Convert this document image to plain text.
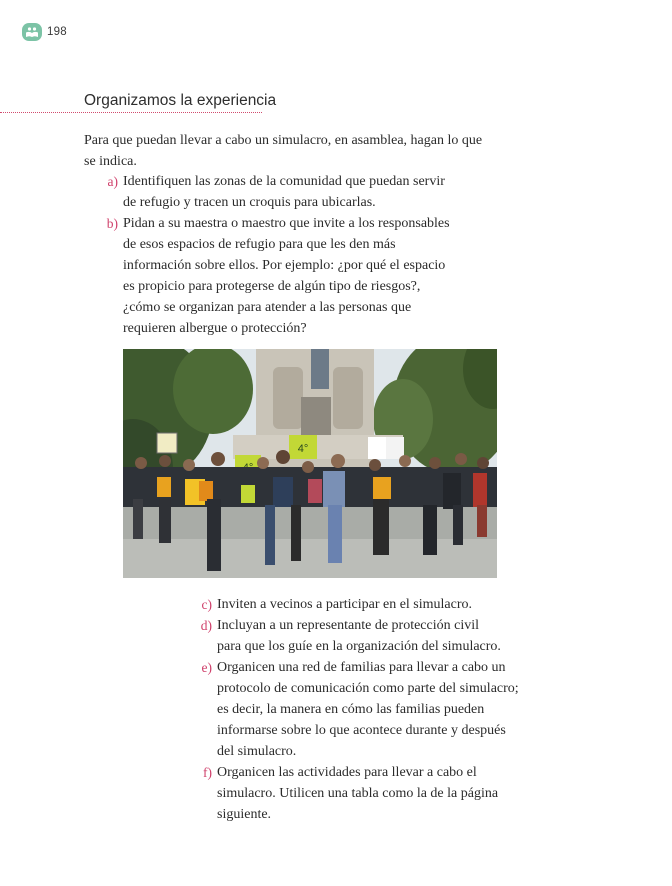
198
Organizamos la experiencia

Para que puedan llevar a cabo un simulacro, en asamblea, hagan lo que se indica.

a) Identifiquen las zonas de la comunidad que puedan servir
de refugio y tracen un croquis para ubicarlas.
b) Pidan a su maestra o maestro que invite a los responsables
de esos espacios de refugio para que les den más
información sobre ellos. Por ejemplo: ¿por qué el espacio
es propicio para protegerse de algún tipo de riesgos?,
¿cómo se organizan para atender a las personas que
requieren albergue o protección?
4°
c) Inviten a vecinos a participar en el simulacro.
d) Incluyan a un representante de protección civil
para que los guíe en la organización del simulacro.
e) Organicen una red de familias para llevar a cabo un
protocolo de comunicación como parte del simulacro;
es decir, la manera en cómo las familias pueden
informarse sobre lo que acontece durante y después
del simulacro.
f) Organicen las actividades para llevar a cabo el
simulacro. Utilicen una tabla como la de la página
siguiente.
